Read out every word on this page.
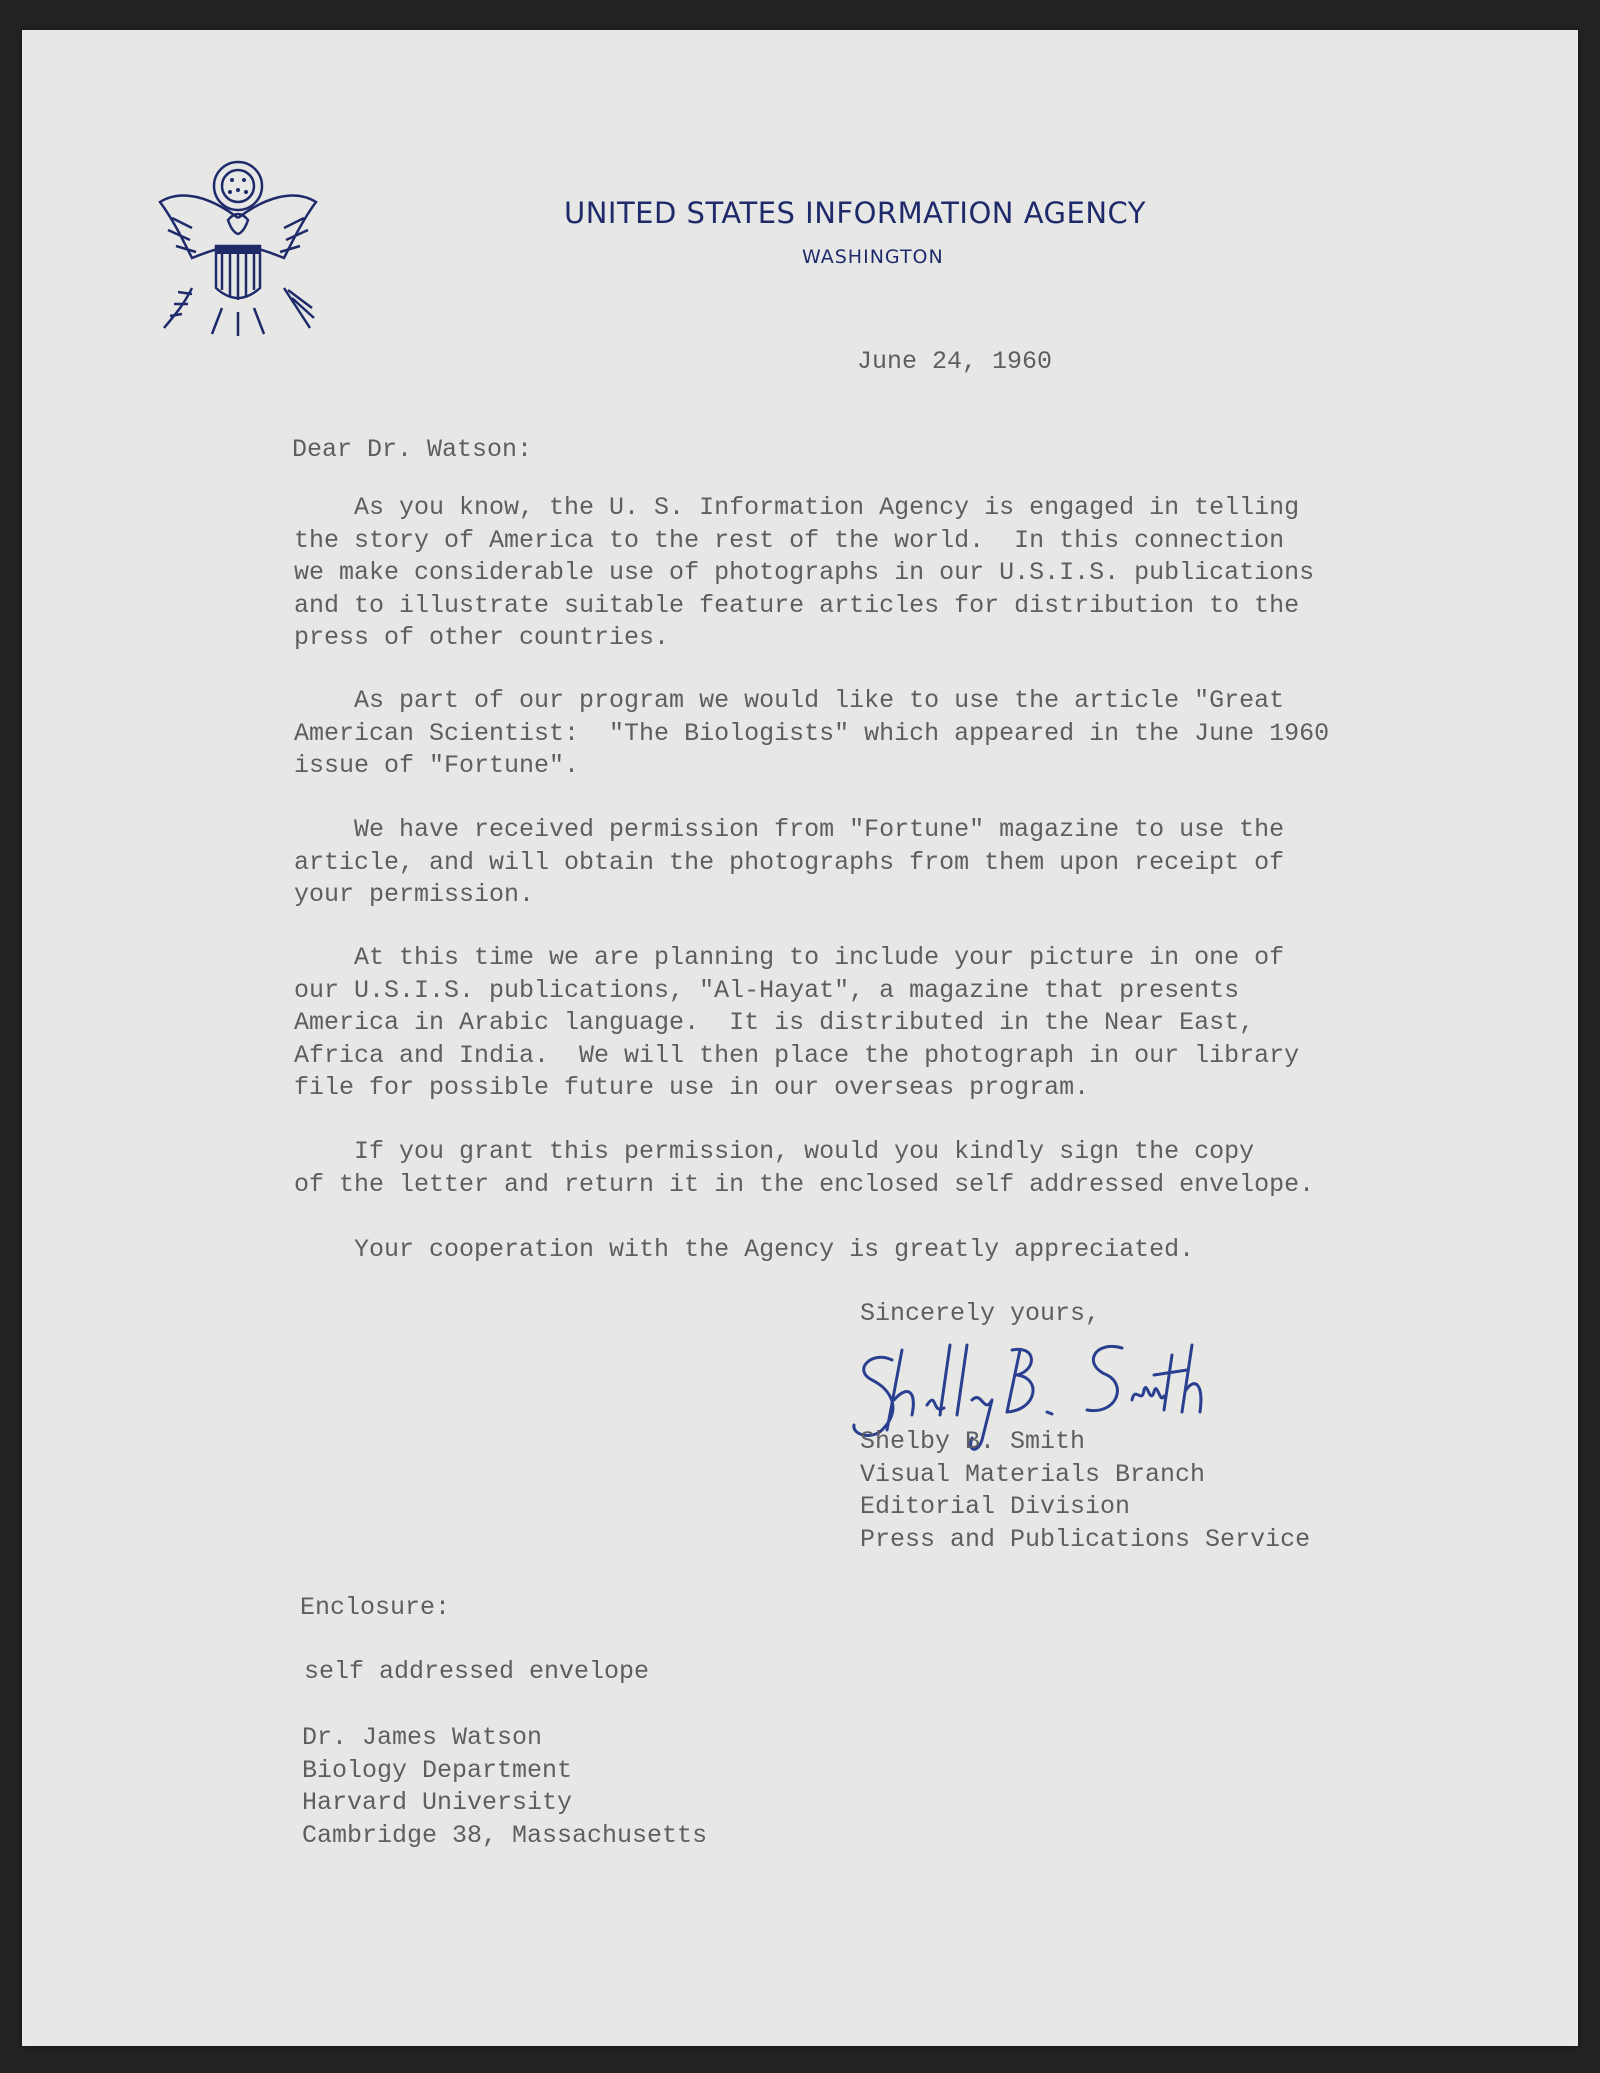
UNITED STATES INFORMATION AGENCY
WASHINGTON

June 24, 1960

Dear Dr. Watson:

As you know, the U. S. Information Agency is engaged in telling
the story of America to the rest of the world.  In this connection
we make considerable use of photographs in our U.S.I.S. publications
and to illustrate suitable feature articles for distribution to the
press of other countries.

As part of our program we would like to use the article "Great
American Scientist:  "The Biologists" which appeared in the June 1960
issue of "Fortune".

We have received permission from "Fortune" magazine to use the
article, and will obtain the photographs from them upon receipt of
your permission.

At this time we are planning to include your picture in one of
our U.S.I.S. publications, "Al-Hayat", a magazine that presents
America in Arabic language.  It is distributed in the Near East,
Africa and India.  We will then place the photograph in our library
file for possible future use in our overseas program.

If you grant this permission, would you kindly sign the copy
of the letter and return it in the enclosed self addressed envelope.

Your cooperation with the Agency is greatly appreciated.

Sincerely yours,

Shelby B. Smith
Visual Materials Branch
Editorial Division
Press and Publications Service

Enclosure:

self addressed envelope

Dr. James Watson
Biology Department
Harvard University
Cambridge 38, Massachusetts
